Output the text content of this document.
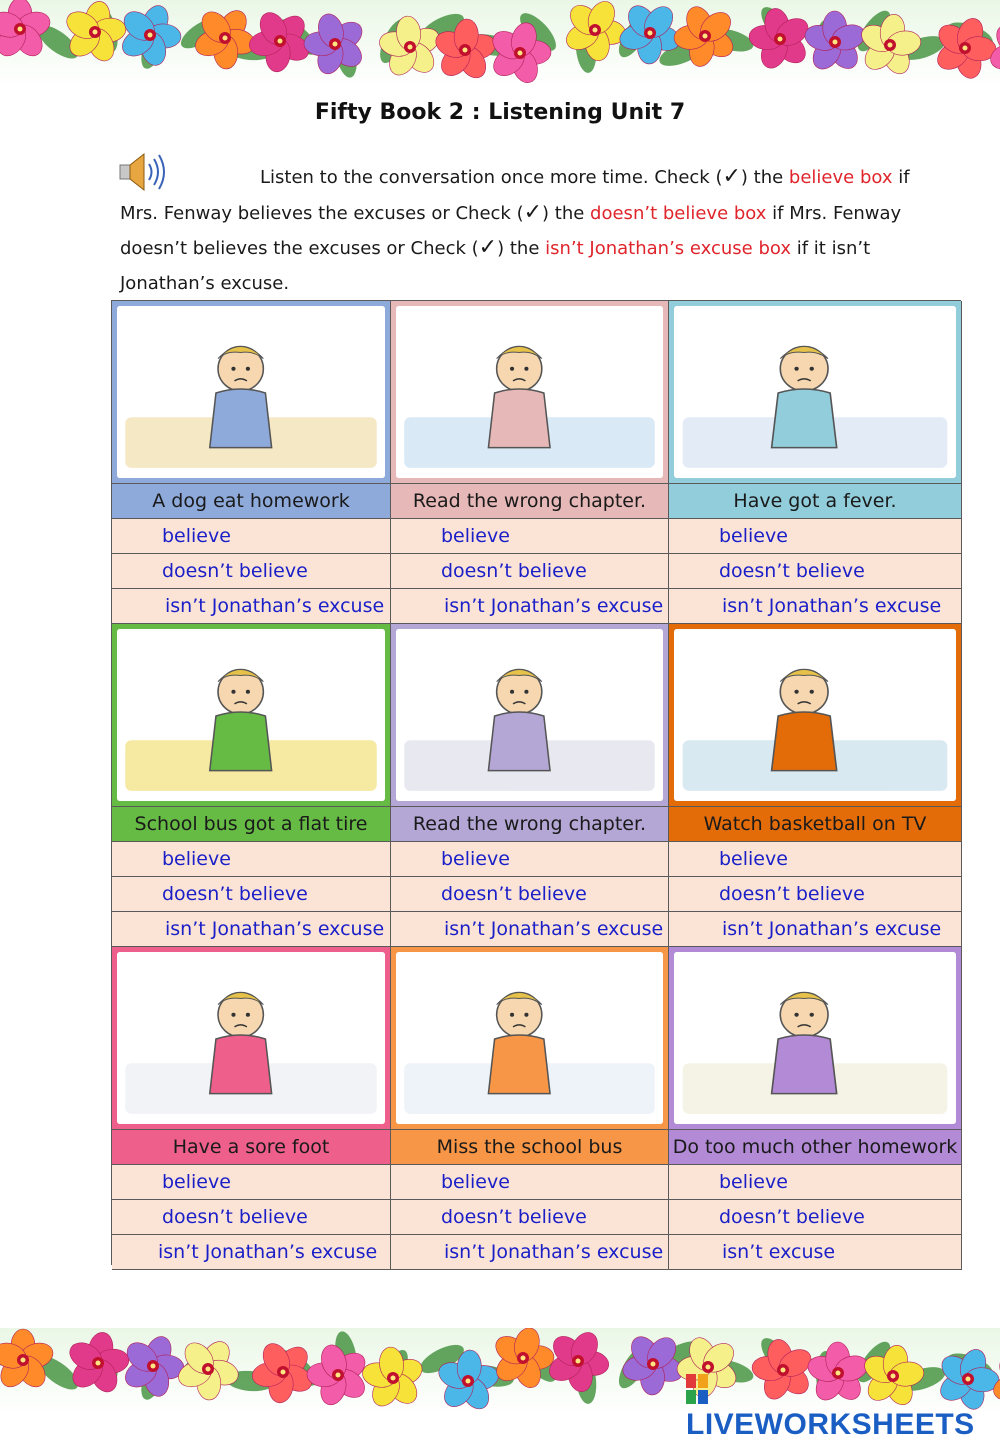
Fifty Book 2 : Listening Unit 7
Listen to the conversation once more time. Check (✓) the believe box if Mrs. Fenway believes the excuses or Check (✓) the doesn’t believe box if Mrs. Fenway doesn’t believes the excuses or Check (✓) the isn’t Jonathan’s excuse box if it isn’t Jonathan’s excuse.
A dog eat homework
believe
doesn’t believe
isn’t Jonathan’s excuse
Read the wrong chapter.
believe
doesn’t believe
isn’t Jonathan’s excuse
Have got a fever.
believe
doesn’t believe
isn’t Jonathan’s excuse
School bus got a flat tire
believe
doesn’t believe
isn’t Jonathan’s excuse
Read the wrong chapter.
believe
doesn’t believe
isn’t Jonathan’s excuse
Watch basketball on TV
believe
doesn’t believe
isn’t Jonathan’s excuse
Have a sore foot
believe
doesn’t believe
isn’t Jonathan’s excuse
Miss the school bus
believe
doesn’t believe
isn’t Jonathan’s excuse
Do too much other homework
believe
doesn’t believe
isn’t excuse
LIVEWORKSHEETS
